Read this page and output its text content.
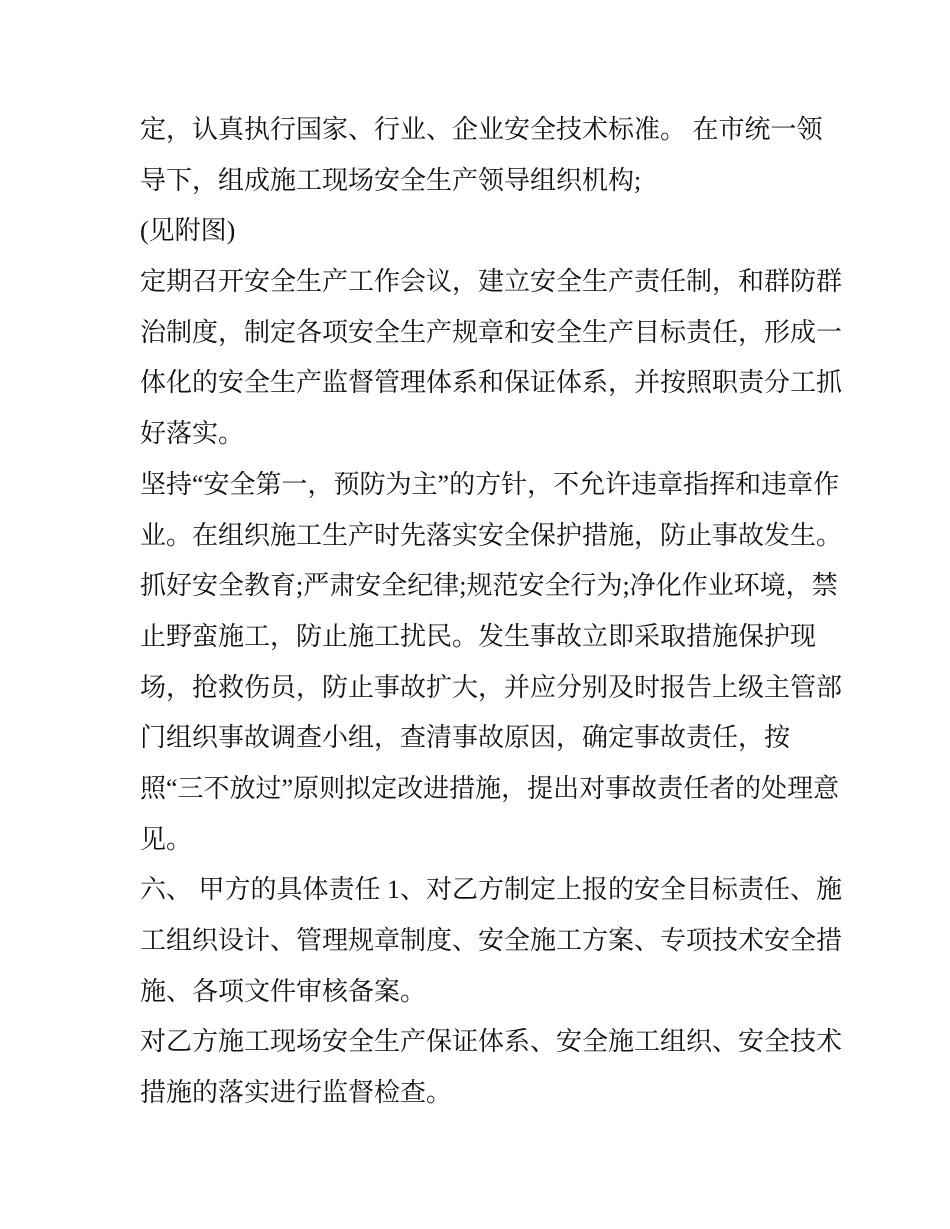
定，认真执行国家、行业、企业安全技术标准。 在市统一领
导下，组成施工现场安全生产领导组织机构;
(见附图)
定期召开安全生产工作会议，建立安全生产责任制，和群防群
治制度，制定各项安全生产规章和安全生产目标责任，形成一
体化的安全生产监督管理体系和保证体系，并按照职责分工抓
好落实。
坚持“安全第一，预防为主”的方针，不允许违章指挥和违章作
业。在组织施工生产时先落实安全保护措施，防止事故发生。
抓好安全教育;严肃安全纪律;规范安全行为;净化作业环境，禁
止野蛮施工，防止施工扰民。发生事故立即采取措施保护现
场，抢救伤员，防止事故扩大，并应分别及时报告上级主管部
门组织事故调查小组，查清事故原因，确定事故责任，按
照“三不放过”原则拟定改进措施，提出对事故责任者的处理意
见。
六、 甲方的具体责任 1、对乙方制定上报的安全目标责任、施
工组织设计、管理规章制度、安全施工方案、专项技术安全措
施、各项文件审核备案。
对乙方施工现场安全生产保证体系、安全施工组织、安全技术
措施的落实进行监督检查。
